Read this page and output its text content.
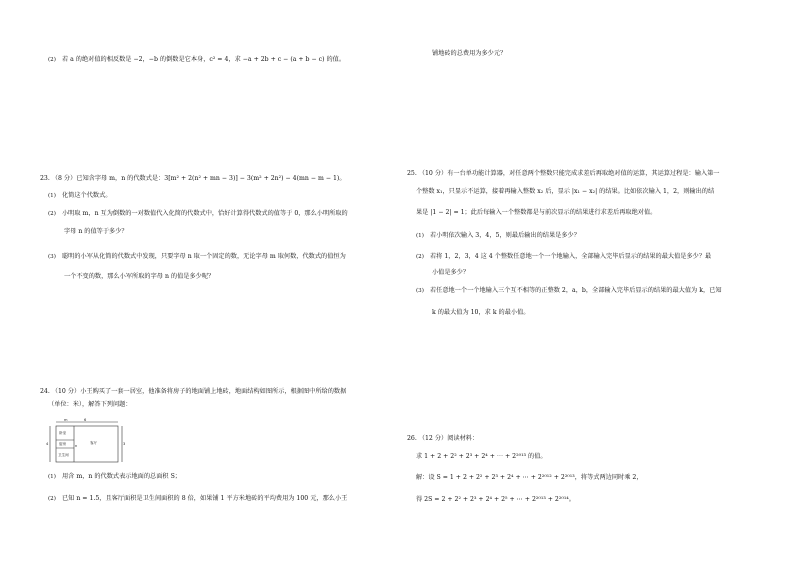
(2) 若 a 的绝对值的相反数是 −2，−b 的倒数是它本身，c² = 4，求 −a + 2b + c − (a + b − c) 的值。
23. （8 分）已知含字母 m，n 的代数式是：3[m² + 2(n² + mn − 3)] − 3(m² + 2n²) − 4(mn − m − 1)。
(1) 化简这个代数式。
(2) 小明取 m，n 互为倒数的一对数值代入化简的代数式中，恰好计算得代数式的值等于 0，那么小明所取的
字母 n 的值等于多少？
(3) 聪明的小军从化简的代数式中发现，只要字母 n 取一个固定的数，无论字母 m 取何数，代数式的值恒为
一个不变的数，那么小军所取的字母 n 的值是多少呢？
24. （10 分）小王购买了一套一居室，他准备将房子的地面铺上地砖，地面结构如图所示，根据图中所给的数据
（单位：米），解答下列问题：
卧室
厨房
卫生间
客厅
6
m
3
4	n
(1) 用含 m，n 的代数式表示地面的总面积 S；
(2) 已知 n = 1.5，且客厅面积是卫生间面积的 8 倍，如果铺 1 平方米地砖的平均费用为 100 元，那么小王
铺地砖的总费用为多少元？
25. （10 分）有一台单功能计算器，对任意两个整数只能完成求差后再取绝对值的运算，其运算过程是：输入第一
个整数 x₁，只显示不运算，接着再输入整数 x₂ 后，显示 |x₁ − x₂| 的结果。比如依次输入 1，2，则输出的结
果是 |1 − 2| = 1；此后每输入一个整数都是与前次显示的结果进行求差后再取绝对值。
(1) 若小明依次输入 3，4，5，则最后输出的结果是多少？
(2) 若将 1，2，3，4 这 4 个整数任意地一个一个地输入，全部输入完毕后显示的结果的最大值是多少？最
小值是多少？
(3) 若任意地一个一个地输入三个互不相等的正整数 2，a，b，全部输入完毕后显示的结果的最大值为 k，已知
k 的最大值为 10，求 k 的最小值。
26. （12 分）阅读材料：
求 1 + 2 + 2² + 2³ + 2⁴ + ⋯ + 2²⁰¹³ 的值。
解：设 S = 1 + 2 + 2² + 2³ + 2⁴ + ⋯ + 2²⁰¹² + 2²⁰¹³，将等式两边同时乘 2，
得 2S = 2 + 2² + 2³ + 2⁴ + 2⁵ + ⋯ + 2²⁰¹³ + 2²⁰¹⁴。
